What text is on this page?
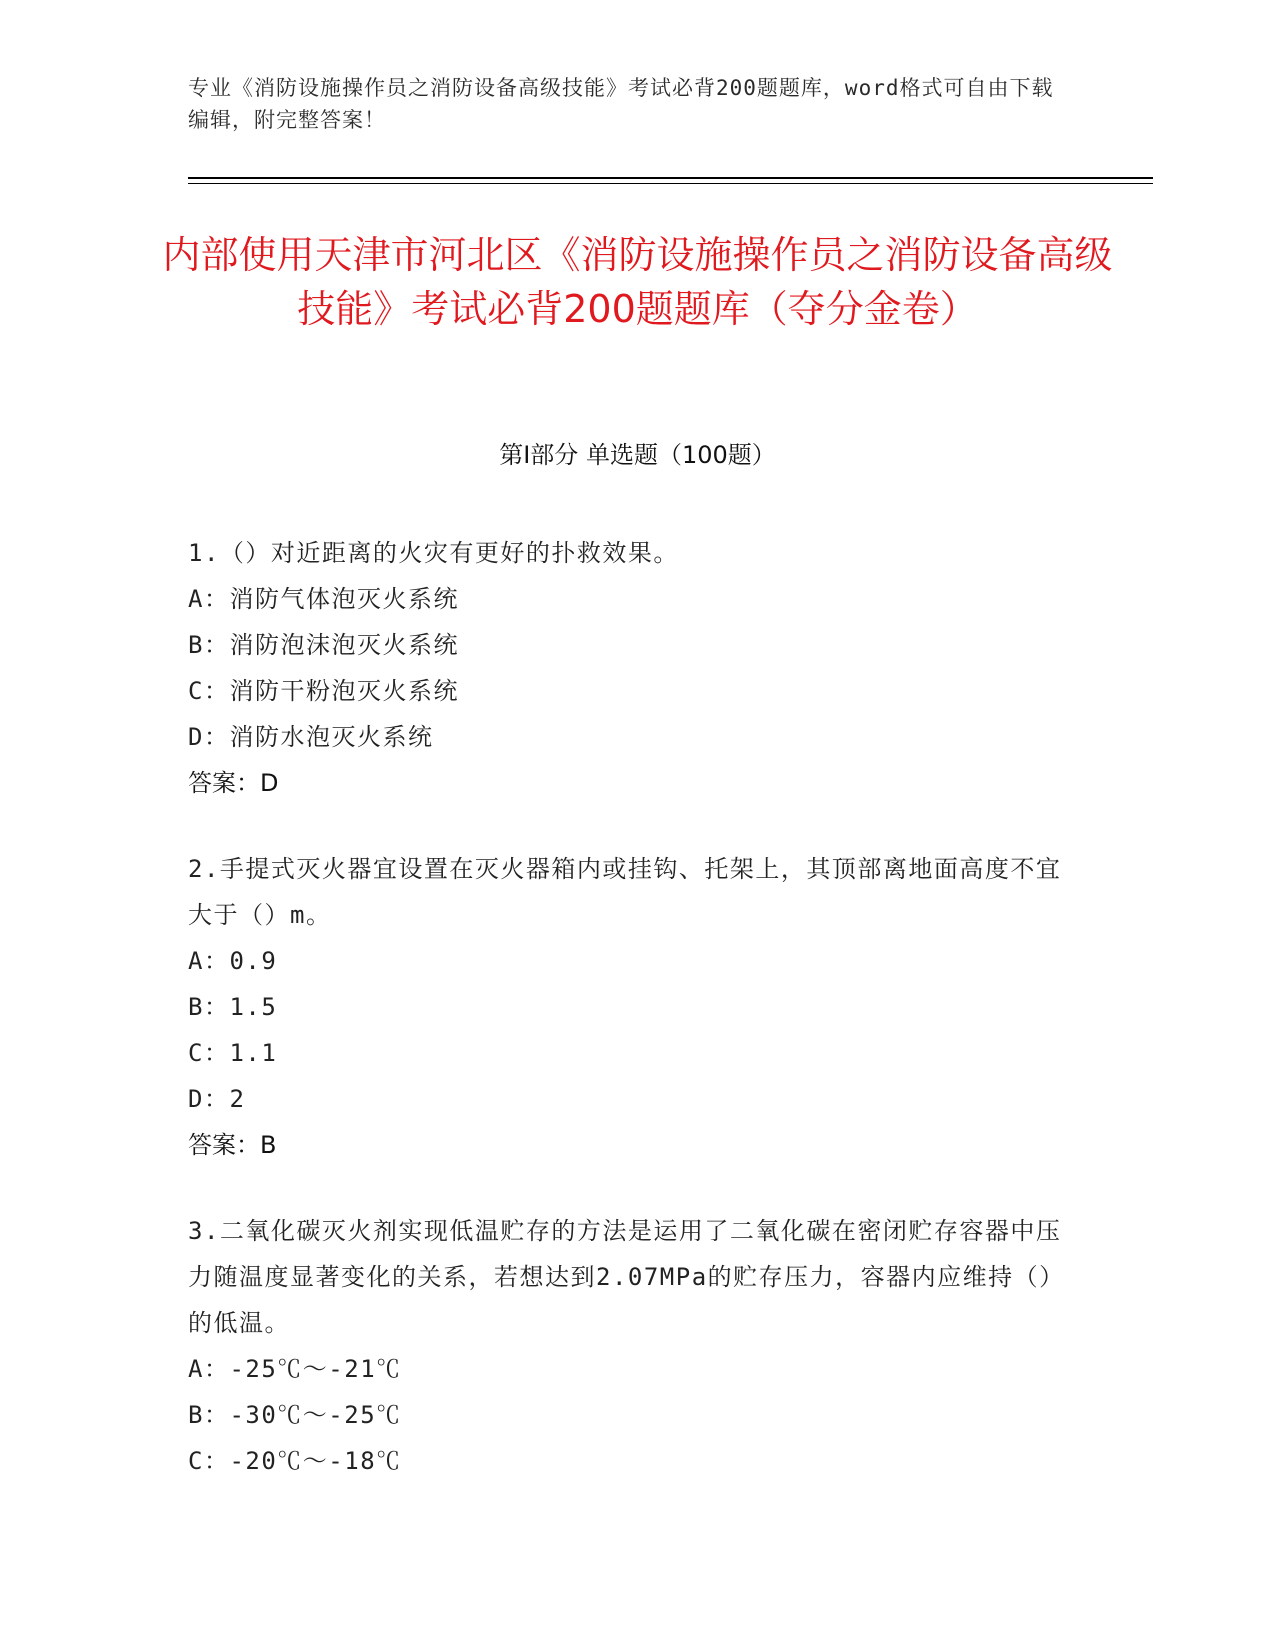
专业《消防设施操作员之消防设备高级技能》考试必背200题题库，word格式可自由下载编辑，附完整答案！
内部使用天津市河北区《消防设施操作员之消防设备高级技能》考试必背200题题库（夺分金卷）
第Ⅰ部分 单选题（100题）
1.（）对近距离的火灾有更好的扑救效果。
A：消防气体泡灭火系统
B：消防泡沫泡灭火系统
C：消防干粉泡灭火系统
D：消防水泡灭火系统
答案：D
2.手提式灭火器宜设置在灭火器箱内或挂钩、托架上，其顶部离地面高度不宜大于（）m。
A：0.9
B：1.5
C：1.1
D：2
答案：B
3.二氧化碳灭火剂实现低温贮存的方法是运用了二氧化碳在密闭贮存容器中压力随温度显著变化的关系，若想达到2.07MPa的贮存压力，容器内应维持（）的低温。
A：-25℃～-21℃
B：-30℃～-25℃
C：-20℃～-18℃
